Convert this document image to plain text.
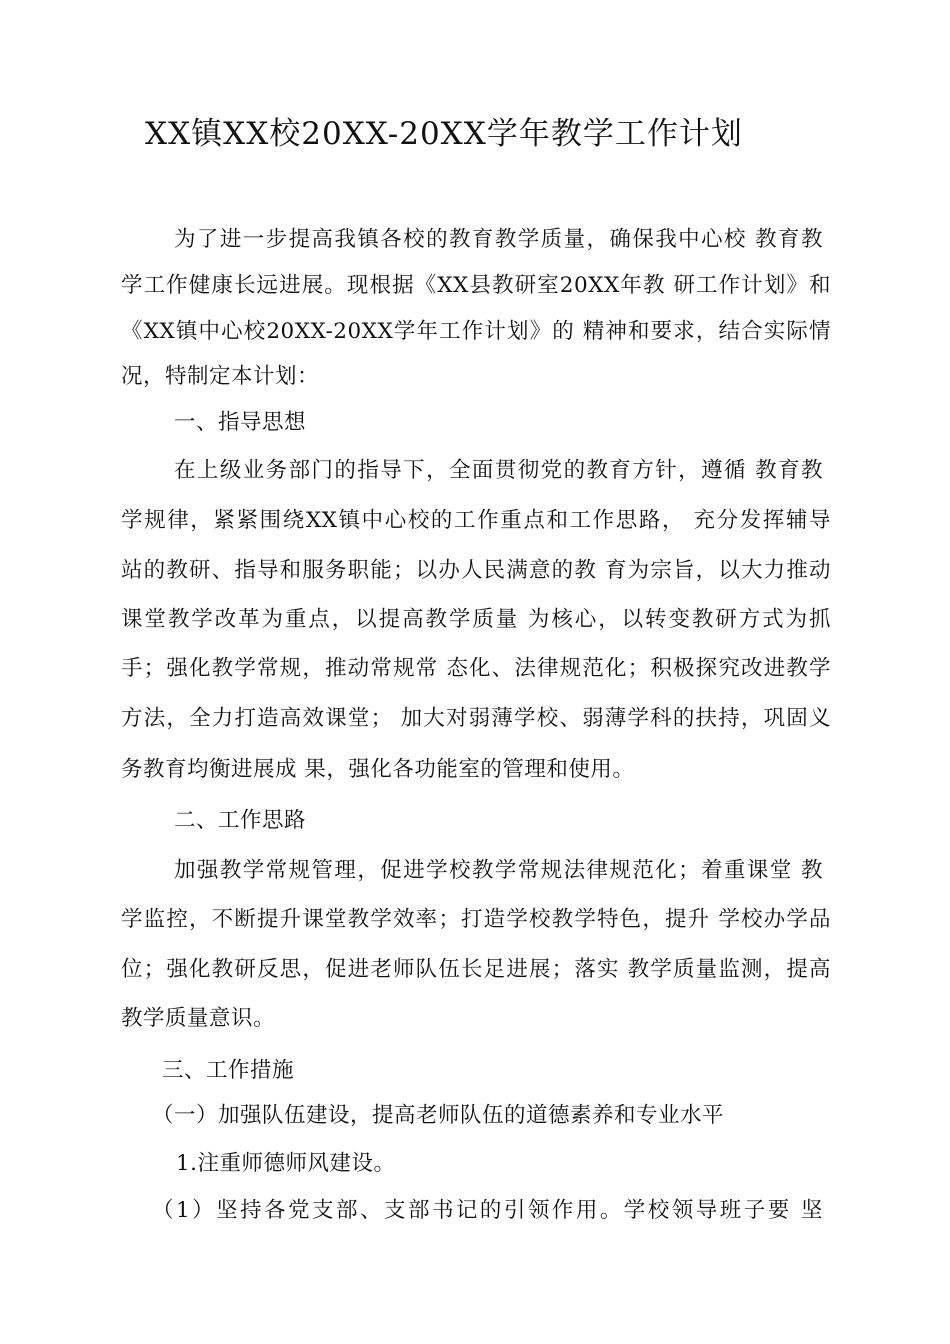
XX镇XX校20XX-20XX学年教学工作计划
为了进一步提高我镇各校的教育教学质量，确保我中心校 教育教
学工作健康长远进展。现根据《XX县教研室20XX年教 研工作计划》和
《XX镇中心校20XX-20XX学年工作计划》的 精神和要求，结合实际情
况，特制定本计划：
一、指导思想
在上级业务部门的指导下，全面贯彻党的教育方针，遵循 教育教
学规律，紧紧围绕XX镇中心校的工作重点和工作思路， 充分发挥辅导
站的教研、指导和服务职能；以办人民满意的教 育为宗旨，以大力推动
课堂教学改革为重点，以提高教学质量 为核心，以转变教研方式为抓
手；强化教学常规，推动常规常 态化、法律规范化；积极探究改进教学
方法，全力打造高效课堂； 加大对弱薄学校、弱薄学科的扶持，巩固义
务教育均衡进展成 果，强化各功能室的管理和使用。
二、工作思路
加强教学常规管理，促进学校教学常规法律规范化；着重课堂 教
学监控，不断提升课堂教学效率；打造学校教学特色，提升 学校办学品
位；强化教研反思，促进老师队伍长足进展；落实 教学质量监测，提高
教学质量意识。
三、工作措施
（一）加强队伍建设，提高老师队伍的道德素养和专业水平
1.注重师德师风建设。
（1）坚持各党支部、支部书记的引领作用。学校领导班子要 坚
